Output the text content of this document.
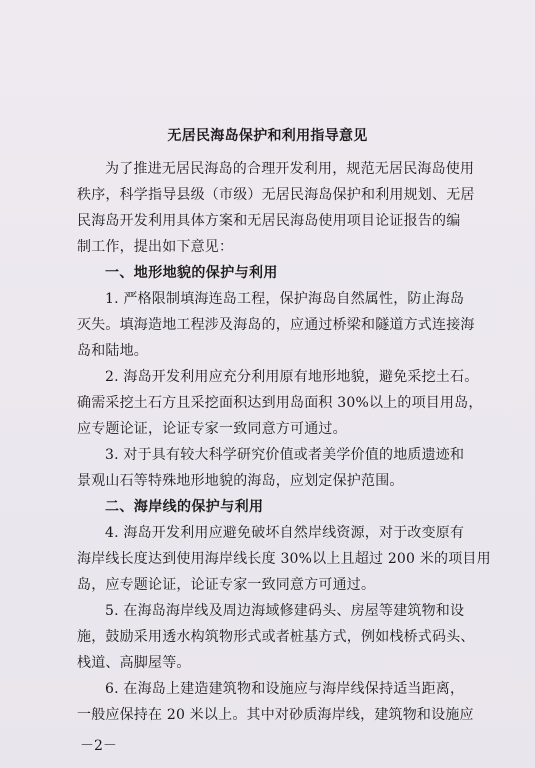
无居民海岛保护和利用指导意见
为了推进无居民海岛的合理开发利用，规范无居民海岛使用
秩序，科学指导县级（市级）无居民海岛保护和利用规划、无居
民海岛开发利用具体方案和无居民海岛使用项目论证报告的编
制工作，提出如下意见：
一、地形地貌的保护与利用
1. 严格限制填海连岛工程，保护海岛自然属性，防止海岛
灭失。填海造地工程涉及海岛的，应通过桥梁和隧道方式连接海
岛和陆地。
2. 海岛开发利用应充分利用原有地形地貌，避免采挖土石。
确需采挖土石方且采挖面积达到用岛面积 30%以上的项目用岛，
应专题论证，论证专家一致同意方可通过。
3. 对于具有较大科学研究价值或者美学价值的地质遗迹和
景观山石等特殊地形地貌的海岛，应划定保护范围。
二、海岸线的保护与利用
4. 海岛开发利用应避免破坏自然岸线资源，对于改变原有
海岸线长度达到使用海岸线长度 30%以上且超过 200 米的项目用
岛，应专题论证，论证专家一致同意方可通过。
5. 在海岛海岸线及周边海域修建码头、房屋等建筑物和设
施，鼓励采用透水构筑物形式或者桩基方式，例如栈桥式码头、
栈道、高脚屋等。
6. 在海岛上建造建筑物和设施应与海岸线保持适当距离，
一般应保持在 20 米以上。其中对砂质海岸线，建筑物和设施应
－2－
